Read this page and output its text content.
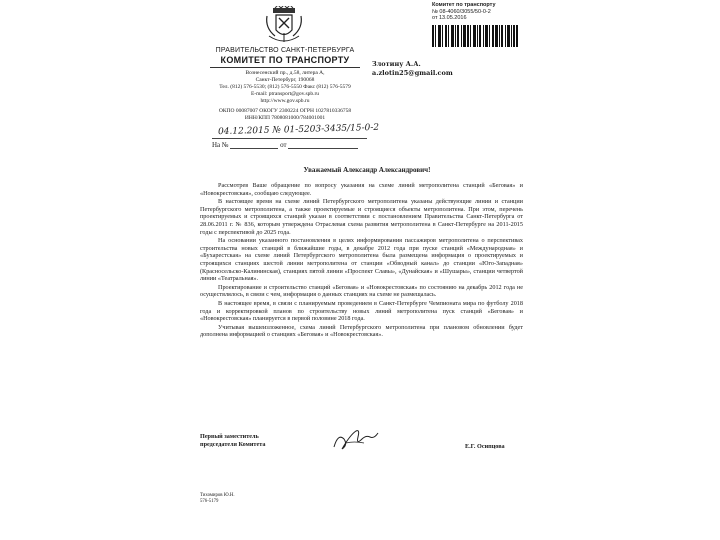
ПРАВИТЕЛЬСТВО САНКТ-ПЕТЕРБУРГА
КОМИТЕТ ПО ТРАНСПОРТУ
Вознесенский пр., д.58, литера А,
Санкт-Петербург, 190068
Тел. (812) 576-5530; (812) 576-5550 Факс (812) 576-5579
E-mail: ptransport@gov.spb.ru
http://www.gov.spb.ru
ОКПО 00087007 ОКОГУ 2300224 ОГРН 1027810336758
ИНН/КПП 7808081000/784001001
04.12.2015 № 01-5203-3435/15-0-2
На №	от
Злотину А.А.
a.zlotin25@gmail.com
Комитет по транспорту
№ 08-4060/3055/50-0-2
от 13.05.2016
Уважаемый Александр Александрович!

Рассмотрев Ваше обращение по вопросу указания на схеме линий метрополитена станций «Беговая» и «Новокрестовская», сообщаю следующее.

В настоящее время на схеме линий Петербургского метрополитена указаны действующие линии и станции Петербургского метрополитена, а также проектируемые и строящиеся объекты метрополитена. При этом, перечень проектируемых и строящихся станций указан в соответствии с постановлением Правительства Санкт-Петербурга от 28.06.2011 г. № 836, которым утверждена Отраслевая схема развития метрополитена в Санкт-Петербурге на 2011-2015 годы с перспективой до 2025 года.

На основании указанного постановления в целях информирования пассажиров метрополитена о перспективах строительства новых станций в ближайшие годы, в декабре 2012 года при пуске станций «Международная» и «Бухарестская» на схеме линий Петербургского метрополитена была размещена информация о проектируемых и строящихся станциях шестой линии метрополитена от станции «Обводный канал» до станции «Юго-Западная» (Красносельско-Калининская), станциях пятой линии «Проспект Славы», «Дунайская» и «Шушары», станции четвертой линии «Театральная».

Проектирование и строительство станций «Беговая» и «Новокрестовская» по состоянию на декабрь 2012 года не осуществлялось, в связи с чем, информация о данных станциях на схеме не размещалась.

В настоящее время, в связи с планируемым проведением в Санкт-Петербурге Чемпионата мира по футболу 2018 года и корректировкой планов по строительству новых линий метрополитена пуск станций «Беговая» и «Новокрестовская» планируется в первой половине 2018 года.

Учитывая вышеизложенное, схема линий Петербургского метрополитена при плановом обновлении будет дополнена информацией о станциях «Беговая» и «Новокрестовская».

Первый заместитель
председателя Комитета	Е.Г. Осипцова
Тихомиров Ю.Н.
576-5179
